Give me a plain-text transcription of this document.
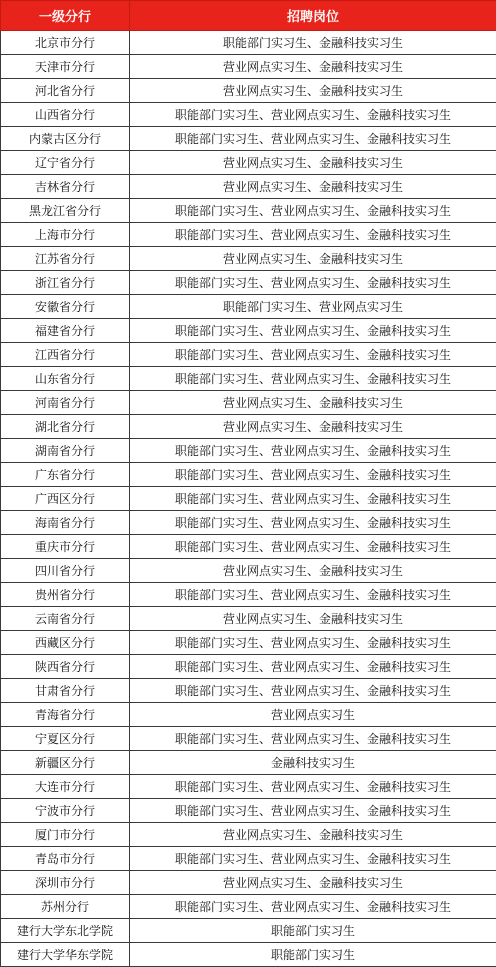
一级分行	招聘岗位
北京市分行	职能部门实习生、金融科技实习生
天津市分行	营业网点实习生、金融科技实习生
河北省分行	营业网点实习生、金融科技实习生
山西省分行	职能部门实习生、营业网点实习生、金融科技实习生
内蒙古区分行	职能部门实习生、营业网点实习生、金融科技实习生
辽宁省分行	营业网点实习生、金融科技实习生
吉林省分行	营业网点实习生、金融科技实习生
黑龙江省分行	职能部门实习生、营业网点实习生、金融科技实习生
上海市分行	职能部门实习生、营业网点实习生、金融科技实习生
江苏省分行	营业网点实习生、金融科技实习生
浙江省分行	职能部门实习生、营业网点实习生、金融科技实习生
安徽省分行	职能部门实习生、营业网点实习生
福建省分行	职能部门实习生、营业网点实习生、金融科技实习生
江西省分行	职能部门实习生、营业网点实习生、金融科技实习生
山东省分行	职能部门实习生、营业网点实习生、金融科技实习生
河南省分行	营业网点实习生、金融科技实习生
湖北省分行	营业网点实习生、金融科技实习生
湖南省分行	职能部门实习生、营业网点实习生、金融科技实习生
广东省分行	职能部门实习生、营业网点实习生、金融科技实习生
广西区分行	职能部门实习生、营业网点实习生、金融科技实习生
海南省分行	职能部门实习生、营业网点实习生、金融科技实习生
重庆市分行	职能部门实习生、营业网点实习生、金融科技实习生
四川省分行	营业网点实习生、金融科技实习生
贵州省分行	职能部门实习生、营业网点实习生、金融科技实习生
云南省分行	营业网点实习生、金融科技实习生
西藏区分行	职能部门实习生、营业网点实习生、金融科技实习生
陕西省分行	职能部门实习生、营业网点实习生、金融科技实习生
甘肃省分行	职能部门实习生、营业网点实习生、金融科技实习生
青海省分行	营业网点实习生
宁夏区分行	职能部门实习生、营业网点实习生、金融科技实习生
新疆区分行	金融科技实习生
大连市分行	职能部门实习生、营业网点实习生、金融科技实习生
宁波市分行	职能部门实习生、营业网点实习生、金融科技实习生
厦门市分行	营业网点实习生、金融科技实习生
青岛市分行	职能部门实习生、营业网点实习生、金融科技实习生
深圳市分行	营业网点实习生、金融科技实习生
苏州分行	职能部门实习生、营业网点实习生、金融科技实习生
建行大学东北学院	职能部门实习生
建行大学华东学院	职能部门实习生
